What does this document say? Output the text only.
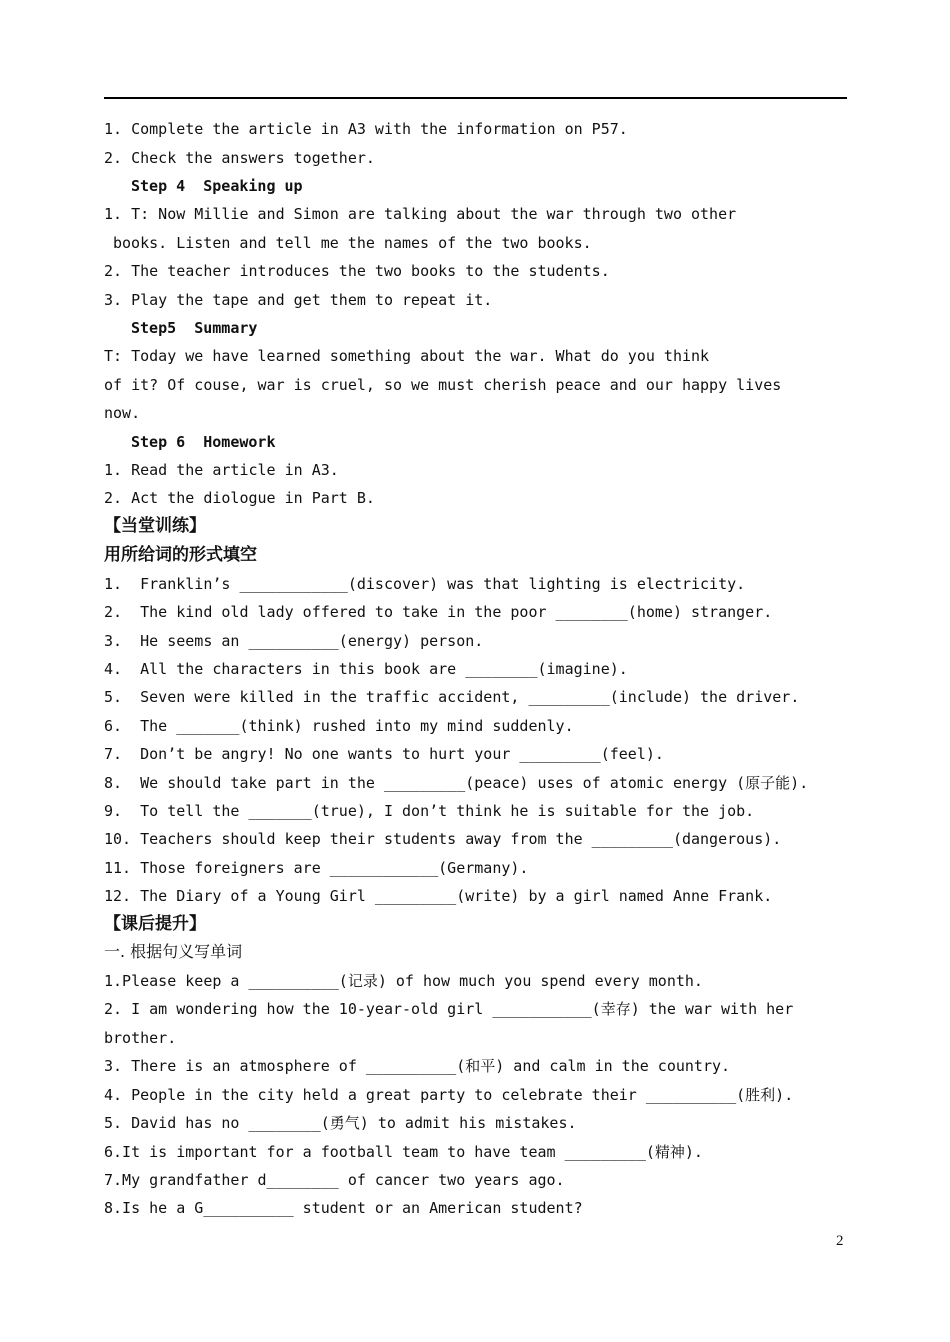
1. Complete the article in A3 with the information on P57.
2. Check the answers together.
Step 4  Speaking up
1. T: Now Millie and Simon are talking about the war through two other
books. Listen and tell me the names of the two books.
2. The teacher introduces the two books to the students.
3. Play the tape and get them to repeat it.
Step5  Summary
T: Today we have learned something about the war. What do you think
of it? Of couse, war is cruel, so we must cherish peace and our happy lives
now.
Step 6  Homework
1. Read the article in A3.
2. Act the diologue in Part B.
【当堂训练】
用所给词的形式填空
1.  Franklin’s ____________(discover) was that lighting is electricity.
2.  The kind old lady offered to take in the poor ________(home) stranger.
3.  He seems an __________(energy) person.
4.  All the characters in this book are ________(imagine).
5.  Seven were killed in the traffic accident, _________(include) the driver.
6.  The _______(think) rushed into my mind suddenly.
7.  Don’t be angry! No one wants to hurt your _________(feel).
8.  We should take part in the _________(peace) uses of atomic energy (原子能).
9.  To tell the _______(true), I don’t think he is suitable for the job.
10. Teachers should keep their students away from the _________(dangerous).
11. Those foreigners are ____________(Germany).
12. The Diary of a Young Girl _________(write) by a girl named Anne Frank.
【课后提升】
一. 根据句义写单词
1.Please keep a __________(记录) of how much you spend every month.
2. I am wondering how the 10-year-old girl ___________(幸存) the war with her
brother.
3. There is an atmosphere of __________(和平) and calm in the country.
4. People in the city held a great party to celebrate their __________(胜利).
5. David has no ________(勇气) to admit his mistakes.
6.It is important for a football team to have team _________(精神).
7.My grandfather d________ of cancer two years ago.
8.Is he a G__________ student or an American student?
2
